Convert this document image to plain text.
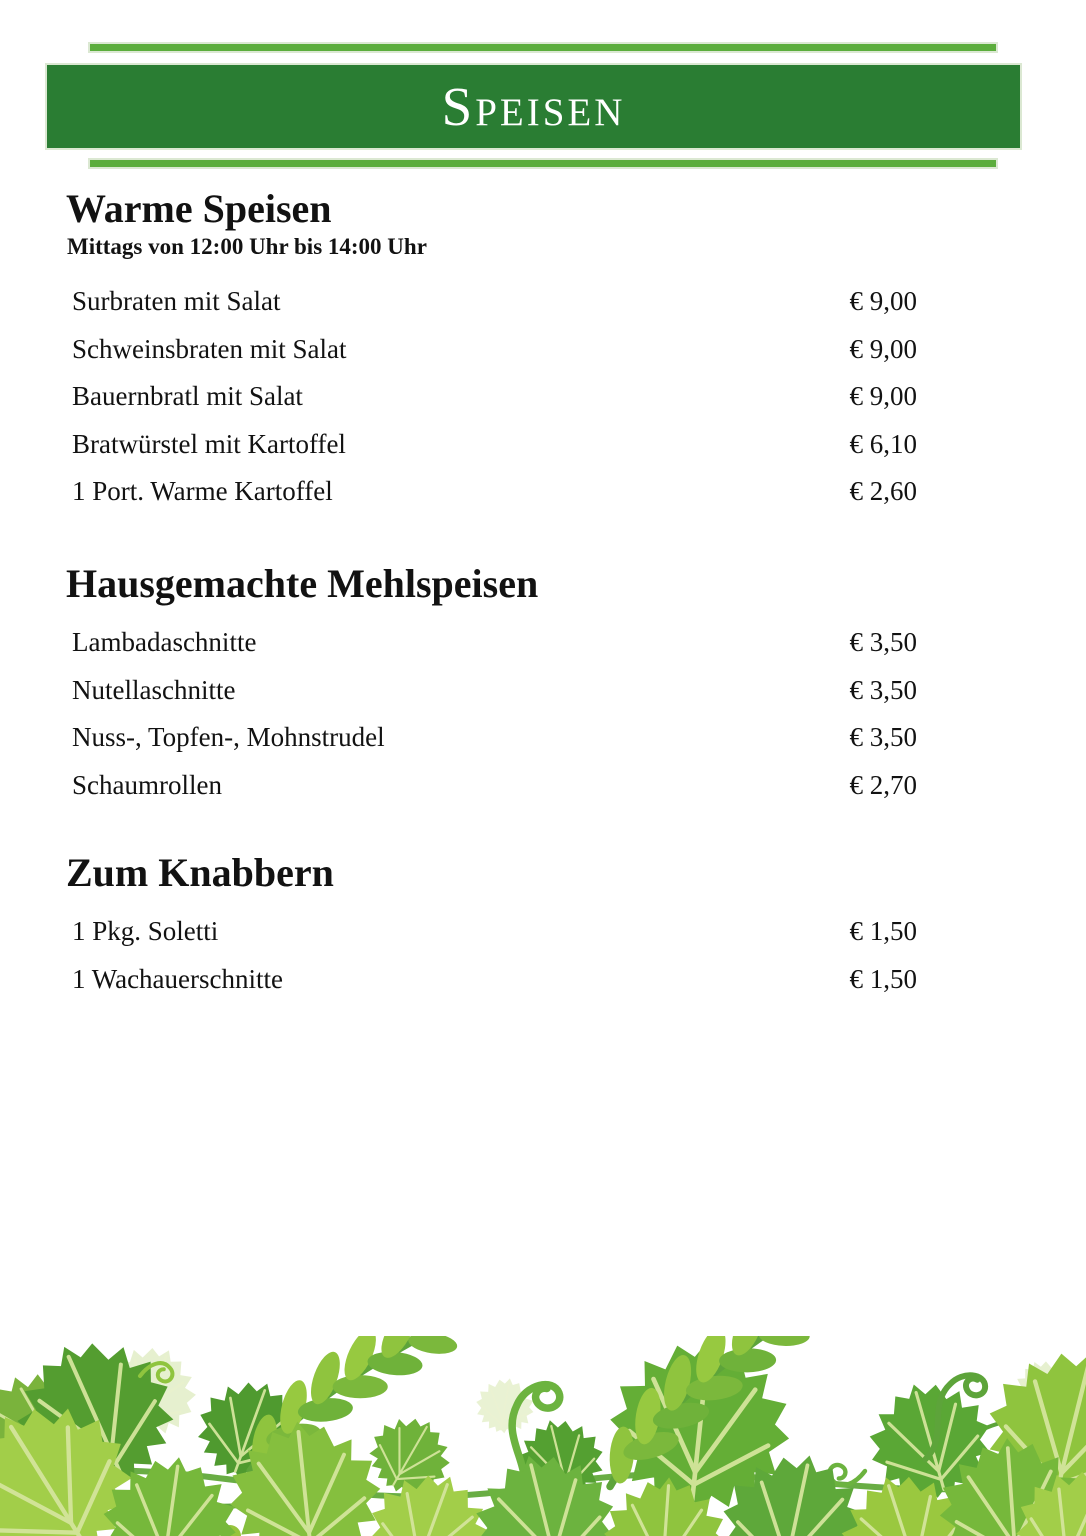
SPEISEN
Warme Speisen

Mittags von 12:00 Uhr bis 14:00 Uhr

Surbraten mit Salat	€ 9,00
Schweinsbraten mit Salat	€ 9,00
Bauernbratl mit Salat	€ 9,00
Bratwürstel mit Kartoffel	€ 6,10
1 Port. Warme Kartoffel	€ 2,60
Hausgemachte Mehlspeisen
Lambadaschnitte	€ 3,50
Nutellaschnitte	€ 3,50
Nuss-, Topfen-, Mohnstrudel	€ 3,50
Schaumrollen	€ 2,70
Zum Knabbern
1 Pkg. Soletti	€ 1,50
1 Wachauerschnitte	€ 1,50
